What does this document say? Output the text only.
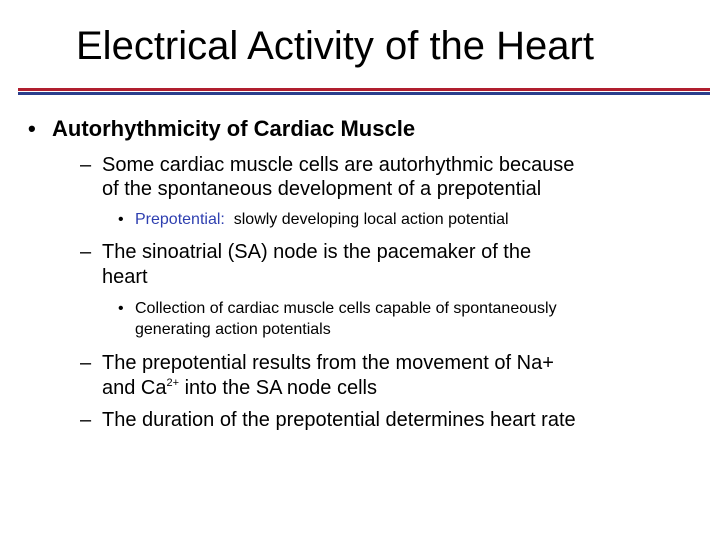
Electrical Activity of the Heart
• Autorhythmicity of Cardiac Muscle
– Some cardiac muscle cells are autorhythmic because
of the spontaneous development of a prepotential
• Prepotential:  slowly developing local action potential
– The sinoatrial (SA) node is the pacemaker of the
heart
• Collection of cardiac muscle cells capable of spontaneously
generating action potentials
– The prepotential results from the movement of Na+
and $Ca^{2+}$ into the SA node cells
– The duration of the prepotential determines heart rate
